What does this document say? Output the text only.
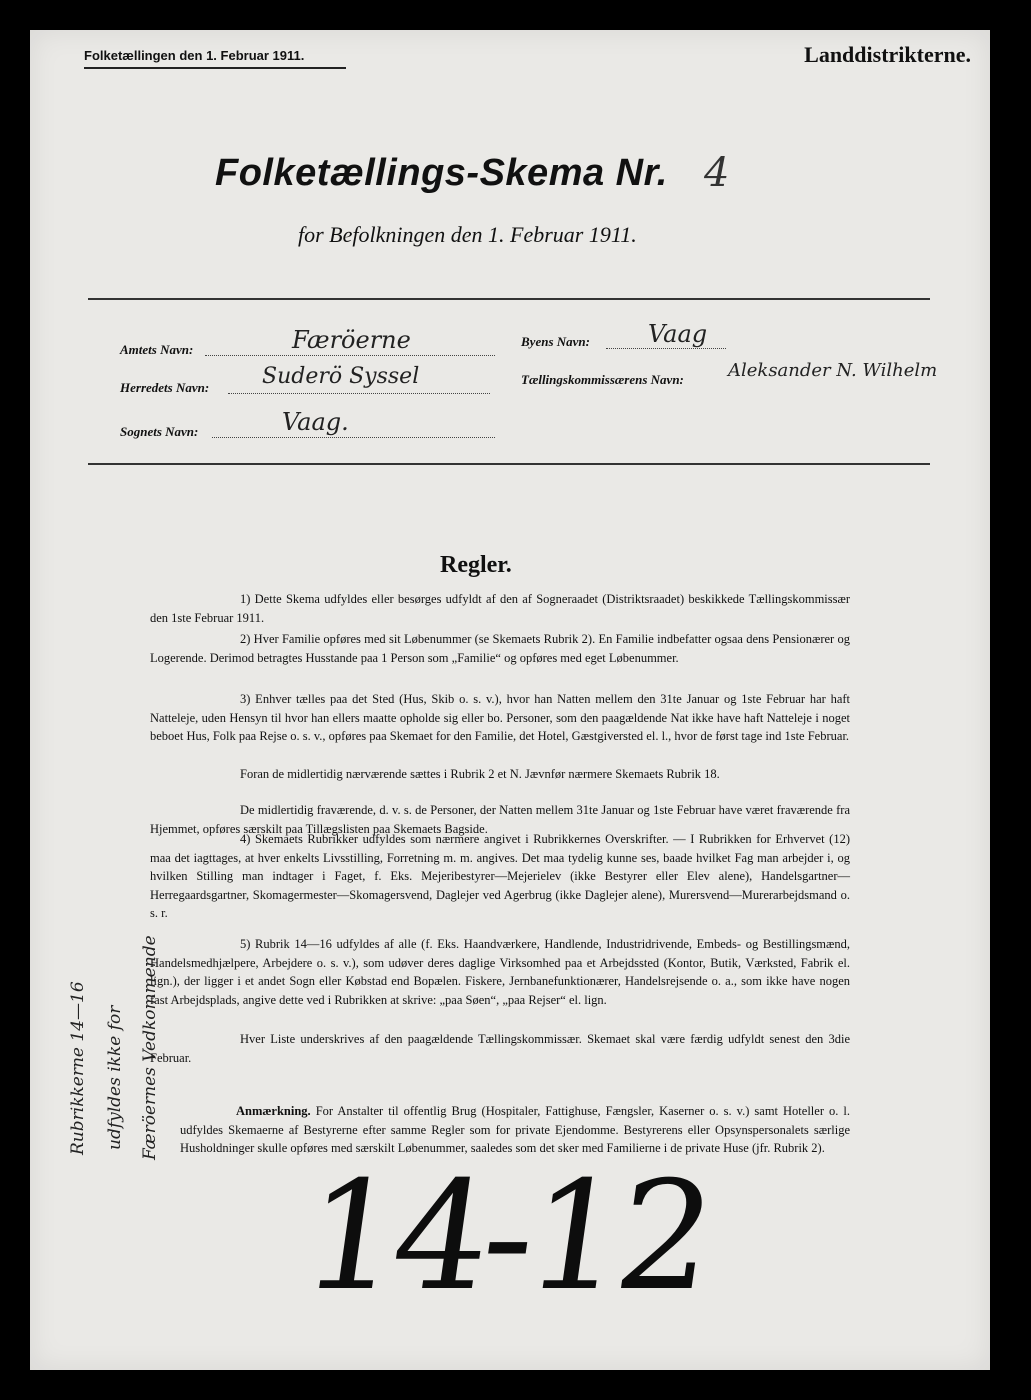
Folketællingen den 1. Februar 1911.	Landdistrikterne.
Folketællings-Skema Nr. 4
for Befolkningen den 1. Februar 1911.
Amtets Navn:	Færöerne	Byens Navn: Vaag
Herredets Navn: Suderö Syssel	Tællingskommissærens Navn: Aleksander N. Wilhelm
Sognets Navn:	Vaag.
Regler.
1) Dette Skema udfyldes eller besørges udfyldt af den af Sogneraadet (Distriktsraadet) beskikkede Tællingskommissær den 1ste Februar 1911.
2) Hver Familie opføres med sit Løbenummer (se Skemaets Rubrik 2). En Familie indbefatter ogsaa dens Pensionærer og Logerende. Derimod betragtes Husstande paa 1 Person som „Familie“ og opføres med eget Løbenummer.
3) Enhver tælles paa det Sted (Hus, Skib o. s. v.), hvor han Natten mellem den 31te Januar og 1ste Februar har haft Natteleje, uden Hensyn til hvor han ellers maatte opholde sig eller bo. Personer, som den paagældende Nat ikke have haft Natteleje i noget beboet Hus, Folk paa Rejse o. s. v., opføres paa Skemaet for den Familie, det Hotel, Gæstgiversted el. l., hvor de først tage ind 1ste Februar.
Foran de midlertidig nærværende sættes i Rubrik 2 et N. Jævnfør nærmere Skemaets Rubrik 18.
De midlertidig fraværende, d. v. s. de Personer, der Natten mellem 31te Januar og 1ste Februar have været fraværende fra Hjemmet, opføres særskilt paa Tillægslisten paa Skemaets Bagside.
4) Skemaets Rubrikker udfyldes som nærmere angivet i Rubrikkernes Overskrifter. — I Rubrikken for Erhvervet (12) maa det iagttages, at hver enkelts Livsstilling, Forretning m. m. angives. Det maa tydelig kunne ses, baade hvilket Fag man arbejder i, og hvilken Stilling man indtager i Faget, f. Eks. Mejeribestyrer—Mejerielev (ikke Bestyrer eller Elev alene), Handelsgartner—Herregaardsgartner, Skomagermester—Skomagersvend, Daglejer ved Agerbrug (ikke Daglejer alene), Murersvend—Murerarbejdsmand o. s. r.
5) Rubrik 14—16 udfyldes af alle (f. Eks. Haandværkere, Handlende, Industridrivende, Embeds- og Bestillingsmænd, Handelsmedhjælpere, Arbejdere o. s. v.), som udøver deres daglige Virksomhed paa et Arbejdssted (Kontor, Butik, Værksted, Fabrik el. lign.), der ligger i et andet Sogn eller Købstad end Bopælen. Fiskere, Jernbanefunktionærer, Handelsrejsende o. a., som ikke have nogen fast Arbejdsplads, angive dette ved i Rubrikken at skrive: „paa Søen“, „paa Rejser“ el. lign.
Hver Liste underskrives af den paagældende Tællingskommissær. Skemaet skal være færdig udfyldt senest den 3die Februar.
Anmærkning. For Anstalter til offentlig Brug (Hospitaler, Fattighuse, Fængsler, Kaserner o. s. v.) samt Hoteller o. l. udfyldes Skemaerne af Bestyrerne efter samme Regler som for private Ejendomme. Bestyrerens eller Opsynspersonalets særlige Husholdninger skulle opføres med særskilt Løbenummer, saaledes som det sker med Familierne i de private Huse (jfr. Rubrik 2).
Rubrikkerne 14—16 udfyldes ikke for Færöernes Vedkommende
14-12
